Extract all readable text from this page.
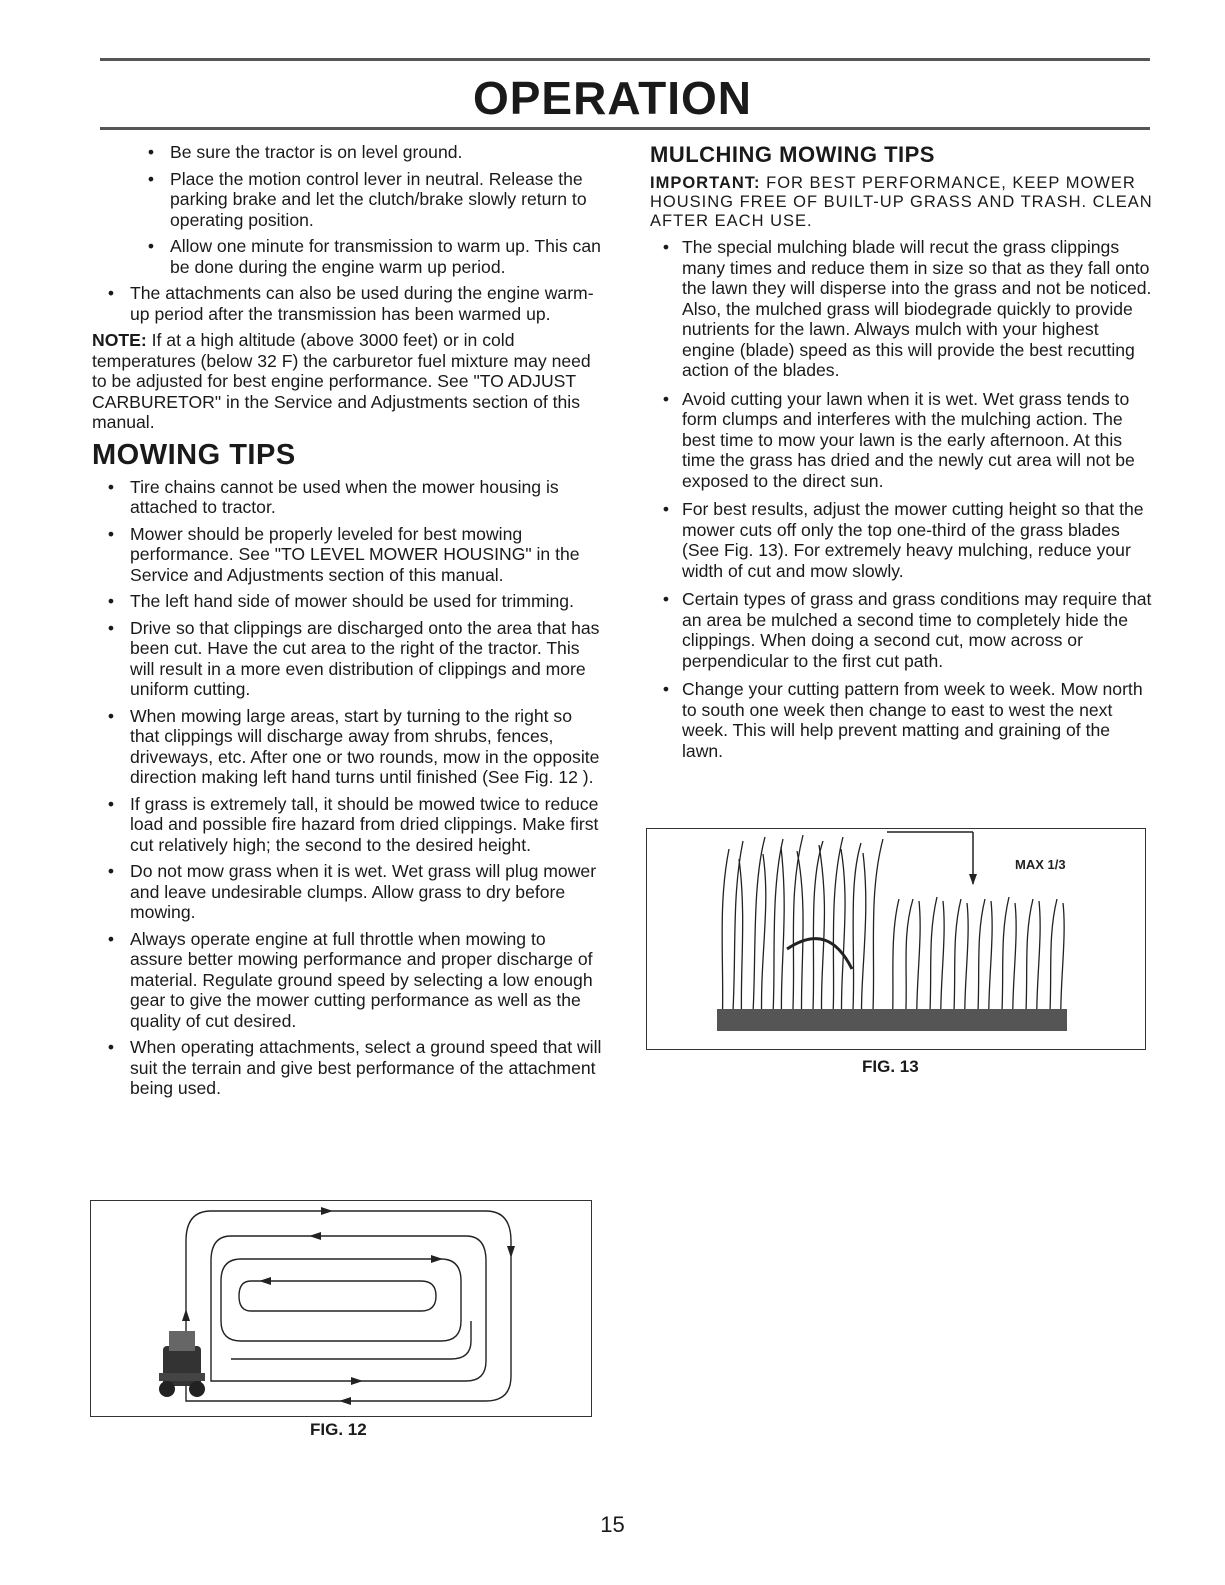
OPERATION
• Be sure the tractor is on level ground.

• Place the motion control lever in neutral. Release the parking brake and let the clutch/brake slowly return to operating position.

• Allow one minute for transmission to warm up. This can be done during the engine warm up period.

• The attachments can also be used during the engine warm-up period after the transmission has been warmed up.

NOTE: If at a high altitude (above 3000 feet) or in cold temperatures (below 32 F) the carburetor fuel mixture may need to be adjusted for best engine performance. See "TO ADJUST CARBURETOR" in the Service and Adjustments section of this manual.

MOWING TIPS
• Tire chains cannot be used when the mower housing is attached to tractor.

• Mower should be properly leveled for best mowing performance. See "TO LEVEL MOWER HOUSING" in the Service and Adjustments section of this manual.

• The left hand side of mower should be used for trimming.

• Drive so that clippings are discharged onto the area that has been cut. Have the cut area to the right of the tractor. This will result in a more even distribution of clippings and more uniform cutting.

• When mowing large areas, start by turning to the right so that clippings will discharge away from shrubs, fences, driveways, etc. After one or two rounds, mow in the opposite direction making left hand turns until finished (See Fig. 12 ).

• If grass is extremely tall, it should be mowed twice to reduce load and possible fire hazard from dried clippings. Make first cut relatively high; the second to the desired height.

• Do not mow grass when it is wet. Wet grass will plug mower and leave undesirable clumps. Allow grass to dry before mowing.

• Always operate engine at full throttle when mowing to assure better mowing performance and proper discharge of material. Regulate ground speed by selecting a low enough gear to give the mower cutting performance as well as the quality of cut desired.

• When operating attachments, select a ground speed that will suit the terrain and give best performance of the attachment being used.

MULCHING MOWING TIPS

IMPORTANT: FOR BEST PERFORMANCE, KEEP MOWER HOUSING FREE OF BUILT-UP GRASS AND TRASH. CLEAN AFTER EACH USE.

• The special mulching blade will recut the grass clippings many times and reduce them in size so that as they fall onto the lawn they will disperse into the grass and not be noticed. Also, the mulched grass will biodegrade quickly to provide nutrients for the lawn. Always mulch with your highest engine (blade) speed as this will provide the best recutting action of the blades.

• Avoid cutting your lawn when it is wet. Wet grass tends to form clumps and interferes with the mulching action. The best time to mow your lawn is the early afternoon. At this time the grass has dried and the newly cut area will not be exposed to the direct sun.

• For best results, adjust the mower cutting height so that the mower cuts off only the top one-third of the grass blades (See Fig. 13). For extremely heavy mulching, reduce your width of cut and mow slowly.

• Certain types of grass and grass conditions may require that an area be mulched a second time to completely hide the clippings. When doing a second cut, mow across or perpendicular to the first cut path.

• Change your cutting pattern from week to week. Mow north to south one week then change to east to west the next week. This will help prevent matting and graining of the lawn.

MAX 1/3
FIG. 13
FIG. 12
15
